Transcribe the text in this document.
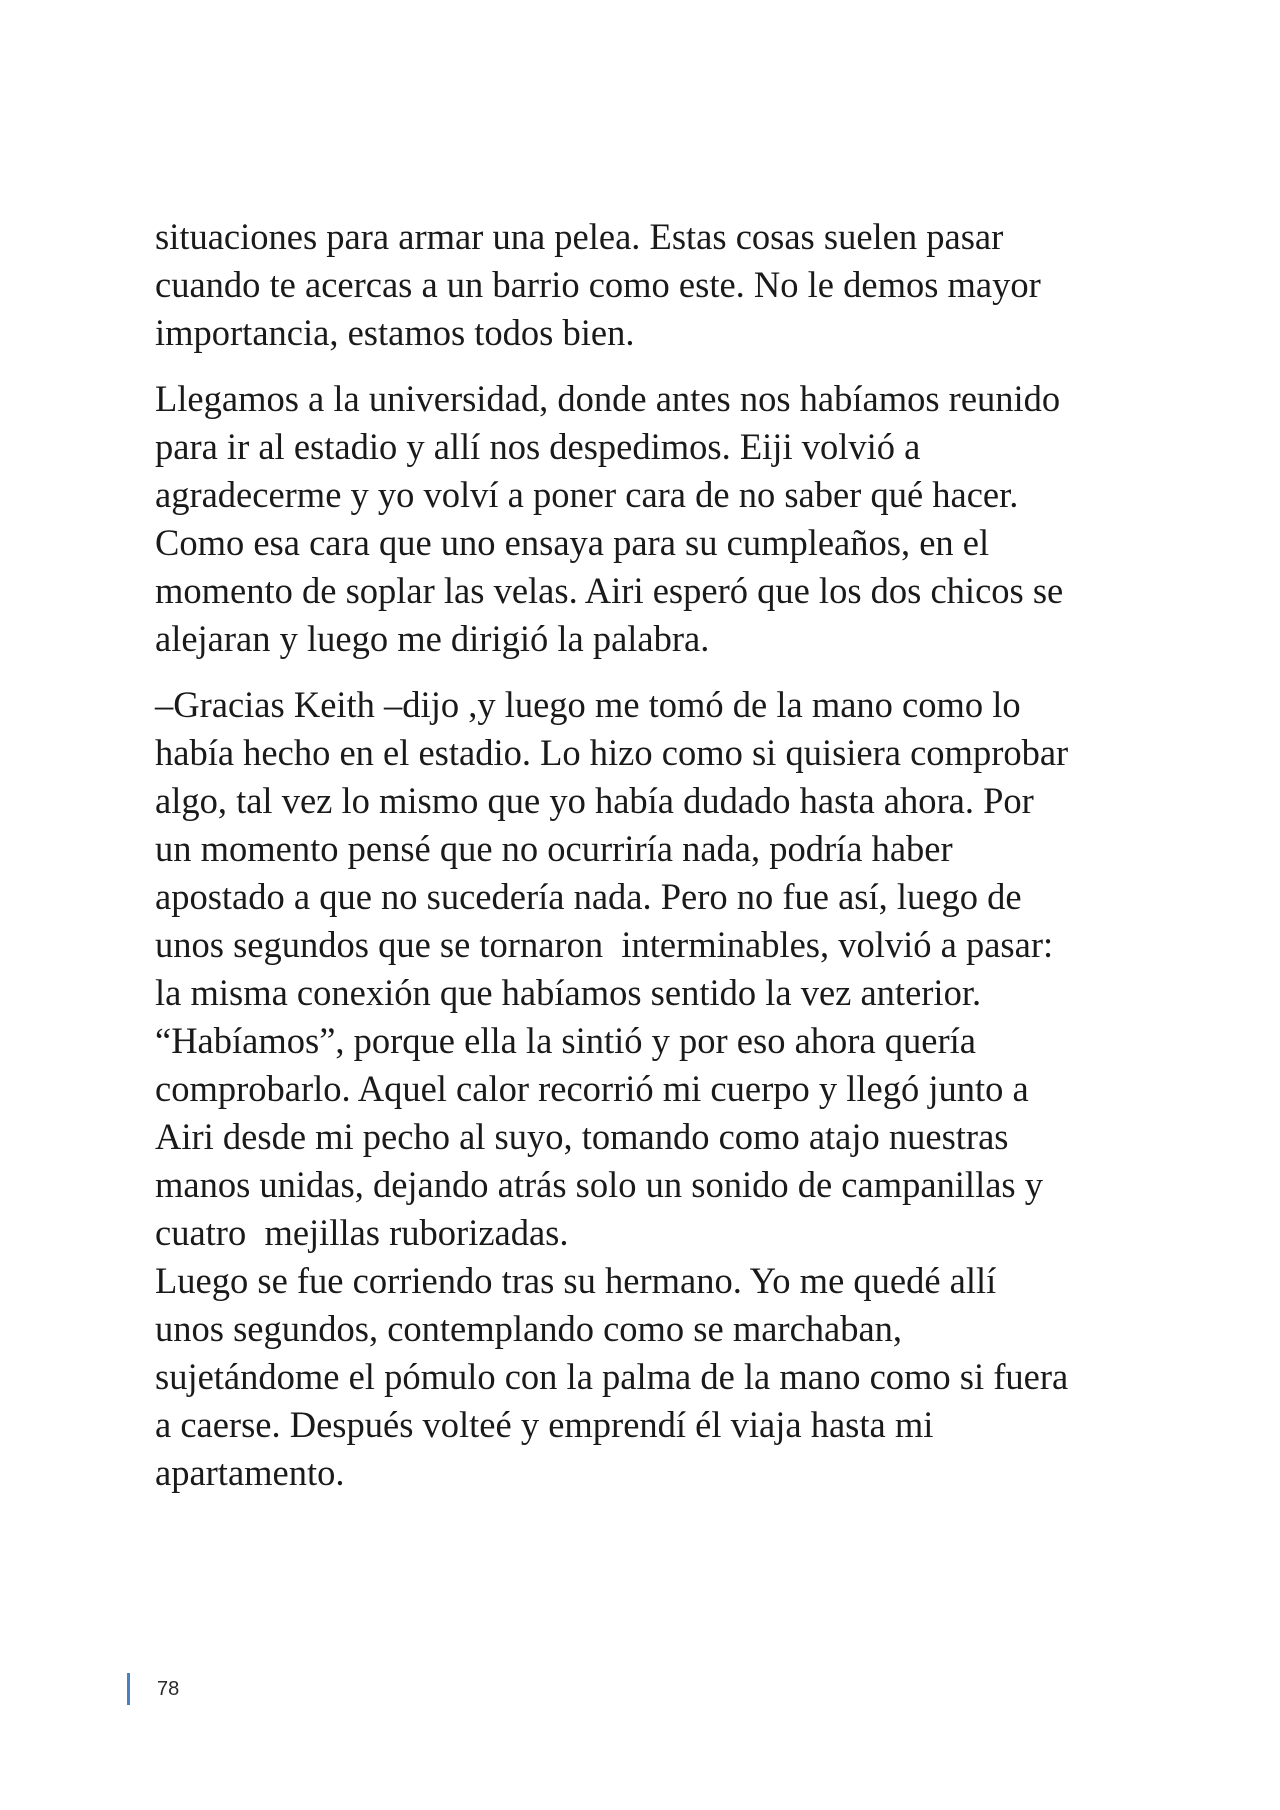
situaciones para armar una pelea. Estas cosas suelen pasar
cuando te acercas a un barrio como este. No le demos mayor
importancia, estamos todos bien.
Llegamos a la universidad, donde antes nos habíamos reunido
para ir al estadio y allí nos despedimos. Eiji volvió a
agradecerme y yo volví a poner cara de no saber qué hacer.
Como esa cara que uno ensaya para su cumpleaños, en el
momento de soplar las velas. Airi esperó que los dos chicos se
alejaran y luego me dirigió la palabra.
–Gracias Keith –dijo ,y luego me tomó de la mano como lo
había hecho en el estadio. Lo hizo como si quisiera comprobar
algo, tal vez lo mismo que yo había dudado hasta ahora. Por
un momento pensé que no ocurriría nada, podría haber
apostado a que no sucedería nada. Pero no fue así, luego de
unos segundos que se tornaron  interminables, volvió a pasar:
la misma conexión que habíamos sentido la vez anterior.
“Habíamos”, porque ella la sintió y por eso ahora quería
comprobarlo. Aquel calor recorrió mi cuerpo y llegó junto a
Airi desde mi pecho al suyo, tomando como atajo nuestras
manos unidas, dejando atrás solo un sonido de campanillas y
cuatro  mejillas ruborizadas.
Luego se fue corriendo tras su hermano. Yo me quedé allí
unos segundos, contemplando como se marchaban,
sujetándome el pómulo con la palma de la mano como si fuera
a caerse. Después volteé y emprendí él viaja hasta mi
apartamento.
78
